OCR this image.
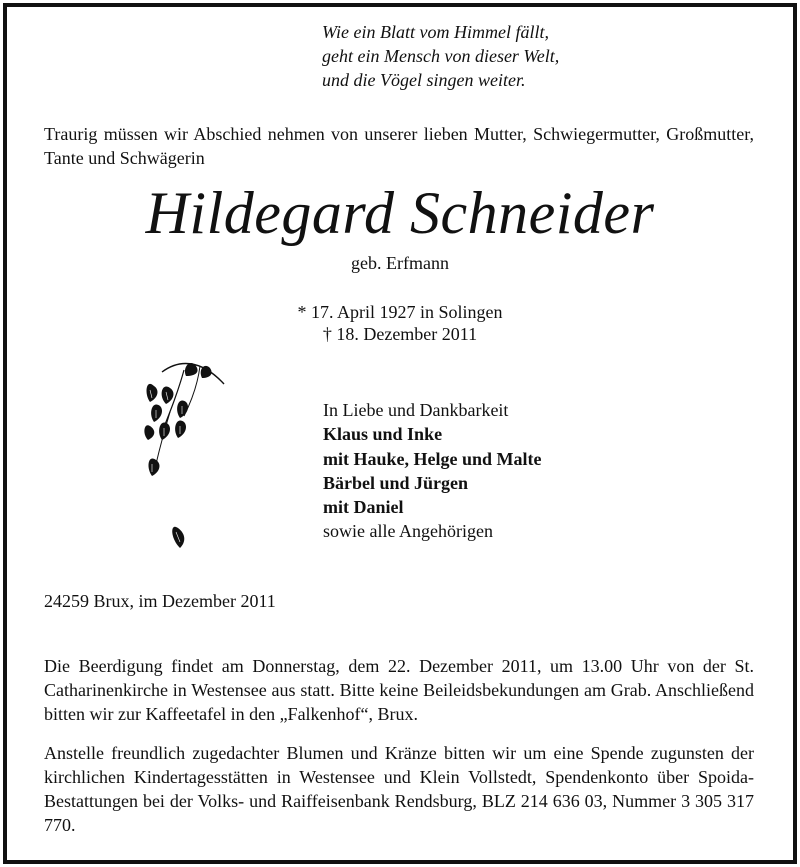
Wie ein Blatt vom Himmel fällt,
geht ein Mensch von dieser Welt,
und die Vögel singen weiter.
Traurig müssen wir Abschied nehmen von unserer lieben Mutter, Schwiegermutter, Großmutter, Tante und Schwägerin
Hildegard Schneider
geb. Erfmann
* 17. April 1927 in Solingen
† 18. Dezember 2011
In Liebe und Dankbarkeit
Klaus und Inke
mit Hauke, Helge und Malte
Bärbel und Jürgen
mit Daniel
sowie alle Angehörigen
24259 Brux, im Dezember 2011
Die Beerdigung findet am Donnerstag, dem 22. Dezember 2011, um 13.00 Uhr von der St. Catharinenkirche in Westensee aus statt. Bitte keine Beileidsbekundungen am Grab. Anschließend bitten wir zur Kaffeetafel in den „Falkenhof“, Brux.
Anstelle freundlich zugedachter Blumen und Kränze bitten wir um eine Spende zugunsten der kirchlichen Kindertagesstätten in Westensee und Klein Vollstedt, Spendenkonto über Spoida-Bestattungen bei der Volks- und Raiffeisenbank Rendsburg, BLZ 214 636 03, Nummer 3 305 317 770.
